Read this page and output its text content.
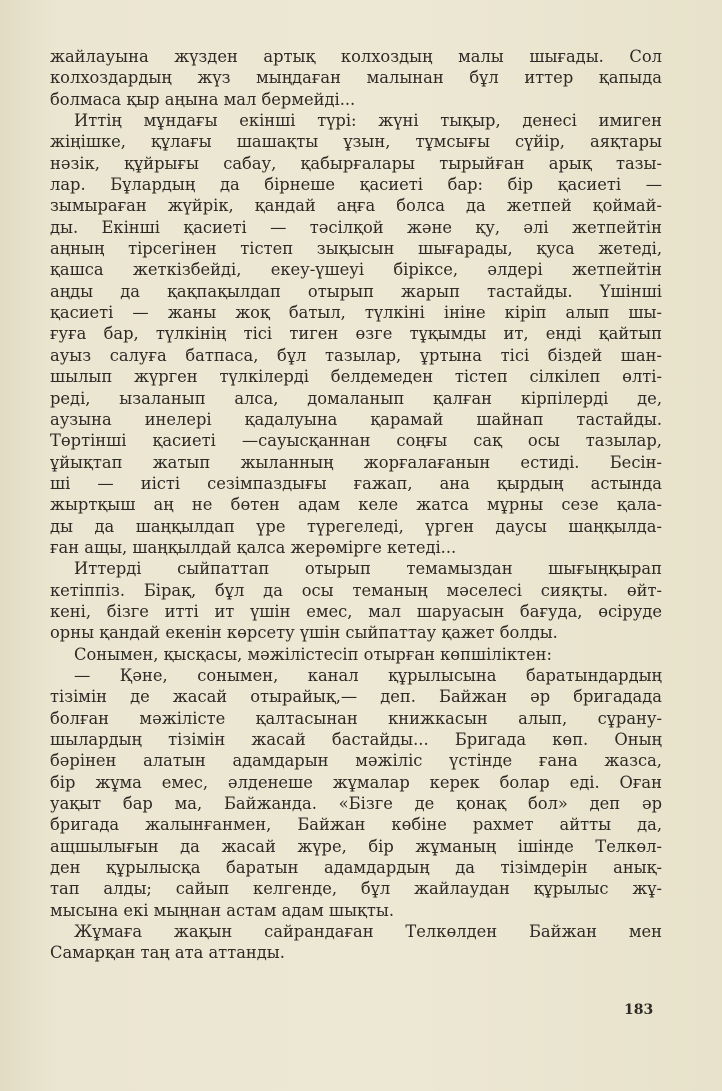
жайлауына жүзден артық колхоздың малы шығады. Сол
колхоздардың жүз мыңдаған малынан бұл иттер қапыда
болмаса қыр аңына мал бермейді...

Иттің мұндағы екінші түрі: жүні тықыр, денесі имиген
жіңішке, құлағы шашақты ұзын, тұмсығы сүйір, аяқтары
нәзік, құйрығы сабау, қабырғалары тырыйған арық тазы-
лар. Бұлардың да бірнеше қасиеті бар: бір қасиеті —
зымыраған жүйрік, қандай аңға болса да жетпей қоймай-
ды. Екінші қасиеті — тәсілқой және қу, әлі жетпейтін
аңның тірсегінен тістеп зықысын шығарады, қуса жетеді,
қашса жеткізбейді, екеу-үшеуі біріксе, әлдері жетпейтін
аңды да қақпақылдап отырып жарып тастайды. Үшінші
қасиеті — жаны жоқ батыл, түлкіні ініне кіріп алып шы-
ғуға бар, түлкінің тісі тиген өзге тұқымды ит, енді қайтып
ауыз салуға батпаса, бұл тазылар, ұртына тісі біздей шан-
шылып жүрген түлкілерді белдемеден тістеп сілкілеп өлті-
реді, ызаланып алса, домаланып қалған кірпілерді де,
аузына инелері қадалуына қарамай шайнап тастайды.
Төртінші қасиеті —сауысқаннан соңғы сақ осы тазылар,
ұйықтап жатып жыланның жорғалағанын естиді. Бесін-
ші — иісті сезімпаздығы ғажап, ана қырдың астында
жыртқыш аң не бөтен адам келе жатса мұрны сезе қала-
ды да шаңқылдап үре түрегеледі, үрген даусы шаңқылда-
ған ащы, шаңқылдай қалса жерөмірге кетеді...

Иттерді сыйпаттап отырып темамыздан шығыңқырап
кетіппіз. Бірақ, бұл да осы теманың мәселесі сияқты. өйт-
кені, бізге итті ит үшін емес, мал шаруасын бағуда, өсіруде
орны қандай екенін көрсету үшін сыйпаттау қажет болды.

Сонымен, қысқасы, мәжілістесіп отырған көпшіліктен:

— Қәне, сонымен, канал құрылысына баратындардың
тізімін де жасай отырайық,— деп. Байжан әр бригадада
болған мәжілісте қалтасынан книжкасын алып, сұрану-
шылардың тізімін жасай бастайды... Бригада көп. Оның
бәрінен алатын адамдарын мәжіліс үстінде ғана жазса,
бір жұма емес, әлденеше жұмалар керек болар еді. Оған
уақыт бар ма, Байжанда. «Бізге де қонақ бол» деп әр
бригада жалынғанмен, Байжан көбіне рахмет айтты да,
ащшылығын да жасай жүре, бір жұманың ішінде Телкөл-
ден құрылысқа баратын адамдардың да тізімдерін анық-
тап алды; сайып келгенде, бұл жайлаудан құрылыс жұ-
мысына екі мыңнан астам адам шықты.

Жұмаға жақын сайрандаған Телкөлден Байжан мен
Самарқан таң ата аттанды.

183
